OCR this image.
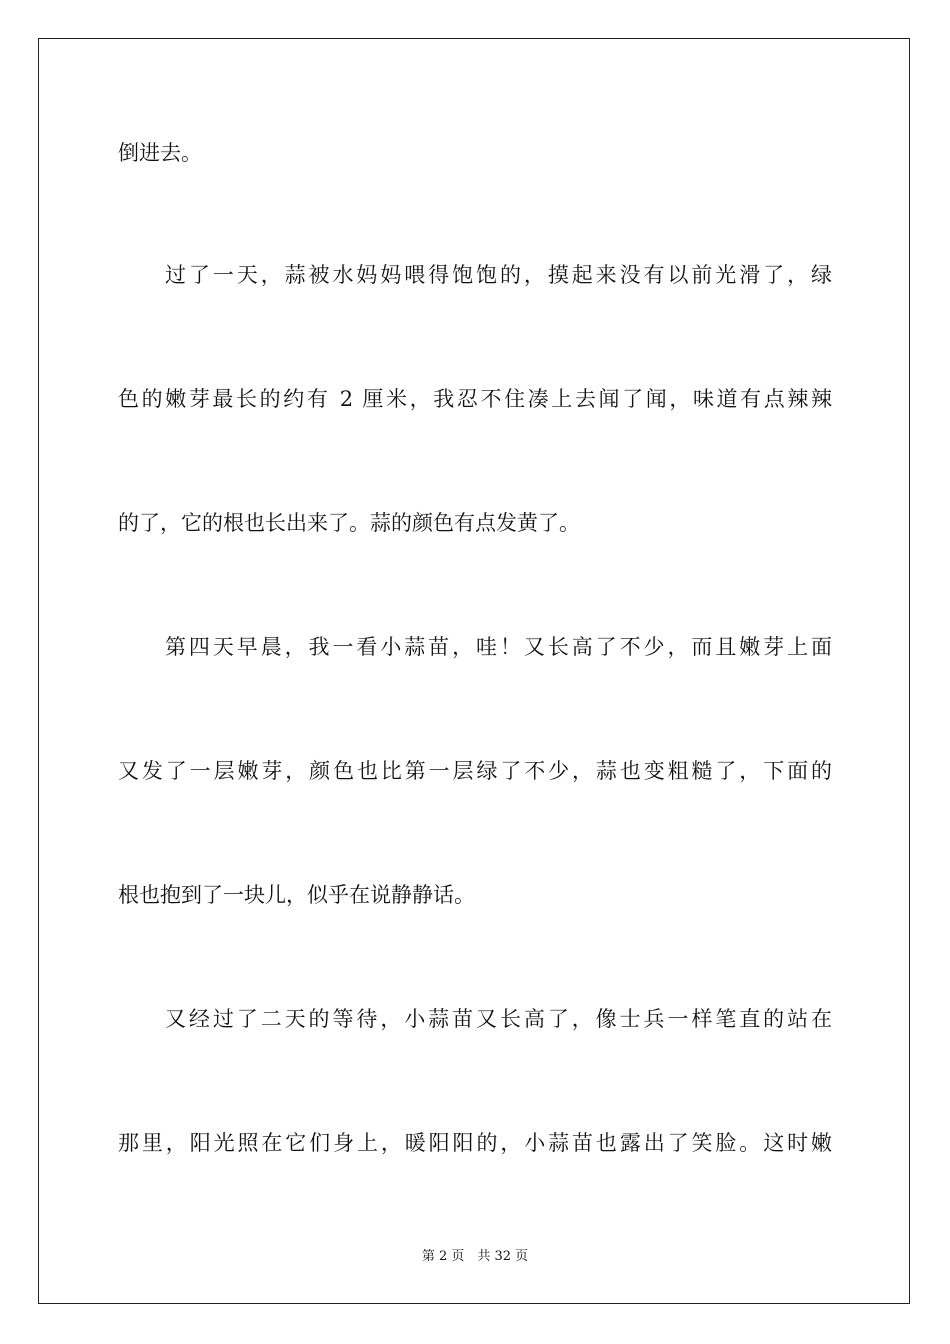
倒进去。
过了一天，蒜被水妈妈喂得饱饱的，摸起来没有以前光滑了，绿
色的嫩芽最长的约有 2 厘米，我忍不住凑上去闻了闻，味道有点辣辣
的了，它的根也长出来了。蒜的颜色有点发黄了。
第四天早晨，我一看小蒜苗，哇！又长高了不少，而且嫩芽上面
又发了一层嫩芽，颜色也比第一层绿了不少，蒜也变粗糙了，下面的
根也抱到了一块儿，似乎在说静静话。
又经过了二天的等待，小蒜苗又长高了，像士兵一样笔直的站在
那里，阳光照在它们身上，暖阳阳的，小蒜苗也露出了笑脸。这时嫩
第 2 页　共 32 页
